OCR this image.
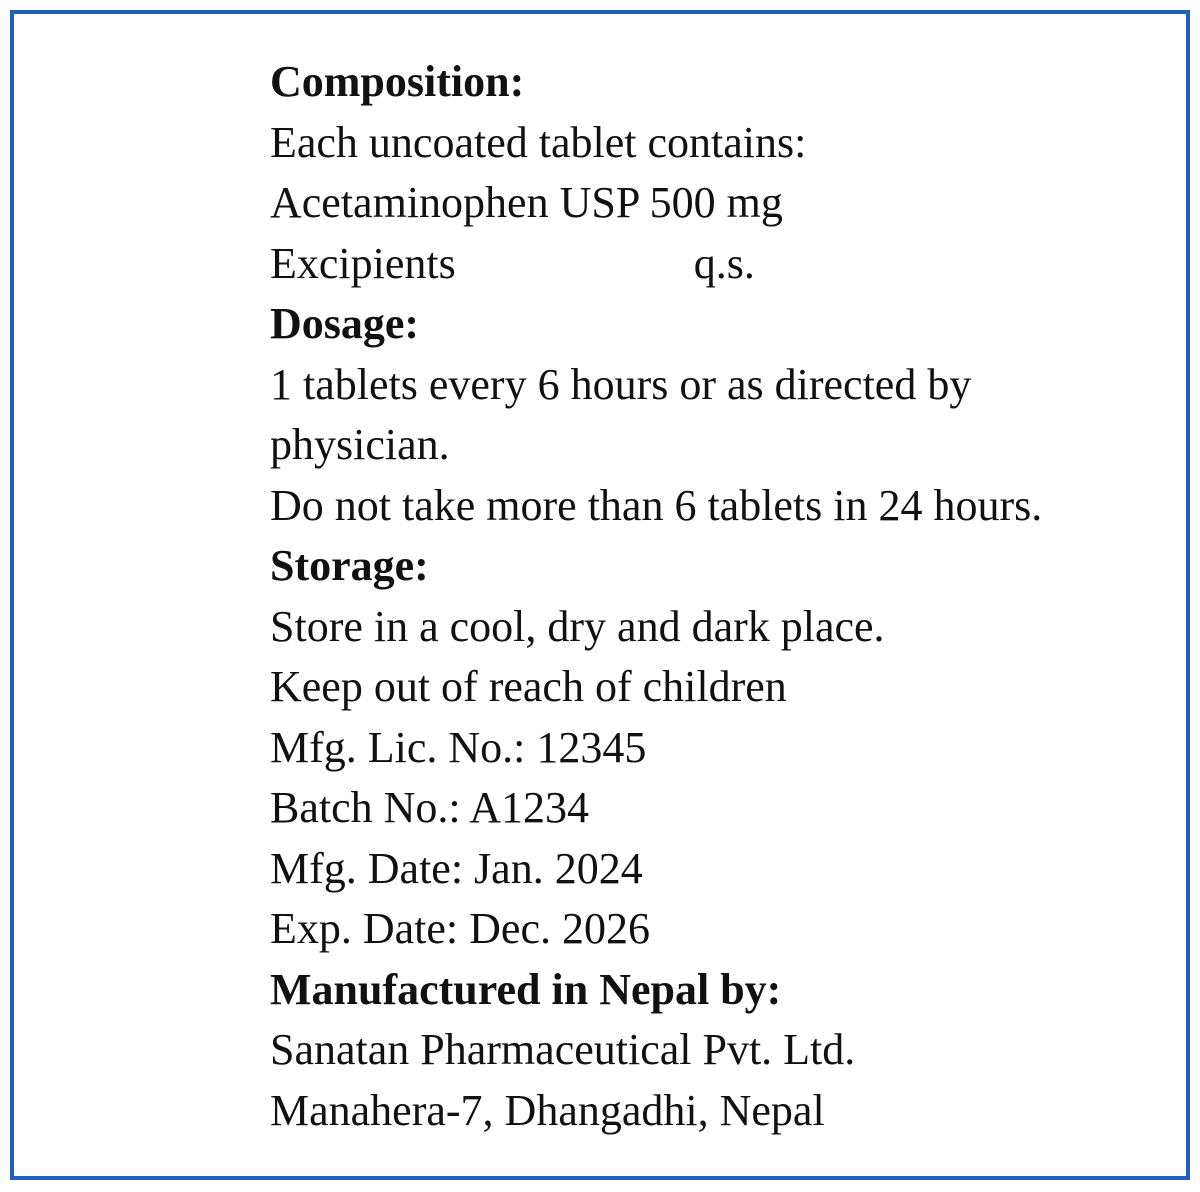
Composition:
Each uncoated tablet contains:
Acetaminophen USP 500 mg
Excipients	q.s.
Dosage:
1 tablets every 6 hours or as directed by
physician.
Do not take more than 6 tablets in 24 hours.
Storage:
Store in a cool, dry and dark place.
Keep out of reach of children
Mfg. Lic. No.: 12345
Batch No.: A1234
Mfg. Date: Jan. 2024
Exp. Date: Dec. 2026
Manufactured in Nepal by:
Sanatan Pharmaceutical Pvt. Ltd.
Manahera-7, Dhangadhi, Nepal
